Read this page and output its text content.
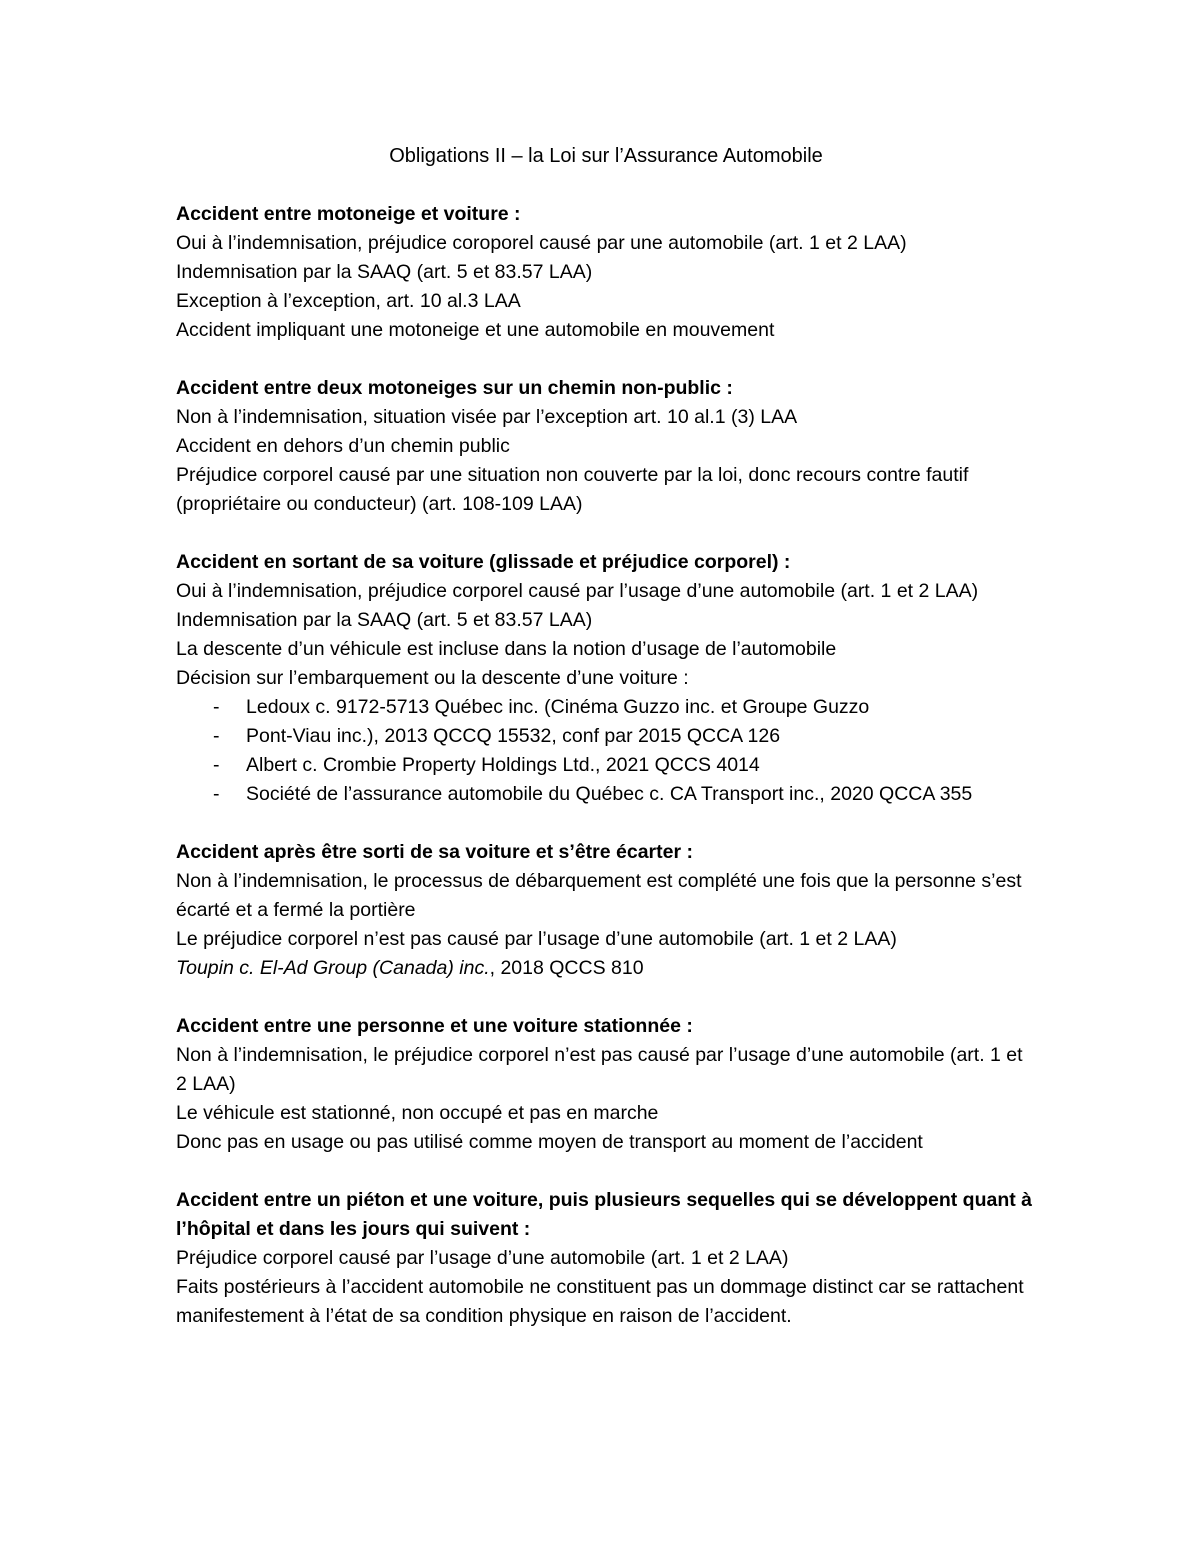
Obligations II – la Loi sur l’Assurance Automobile

Accident entre motoneige et voiture :

Oui à l’indemnisation, préjudice coroporel causé par une automobile (art. 1 et 2 LAA)

Indemnisation par la SAAQ (art. 5 et 83.57 LAA)

Exception à l’exception, art. 10 al.3 LAA

Accident impliquant une motoneige et une automobile en mouvement

Accident entre deux motoneiges sur un chemin non-public :

Non à l’indemnisation, situation visée par l’exception art. 10 al.1 (3) LAA

Accident en dehors d’un chemin public

Préjudice corporel causé par une situation non couverte par la loi, donc recours contre fautif (propriétaire ou conducteur) (art. 108-109 LAA)

Accident en sortant de sa voiture (glissade et préjudice corporel) :

Oui à l’indemnisation, préjudice corporel causé par l’usage d’une automobile (art. 1 et 2 LAA)

Indemnisation par la SAAQ (art. 5 et 83.57 LAA)

La descente d’un véhicule est incluse dans la notion d’usage de l’automobile

Décision sur l’embarquement ou la descente d’une voiture :

- Ledoux c. 9172-5713 Québec inc. (Cinéma Guzzo inc. et Groupe Guzzo
- Pont-Viau inc.), 2013 QCCQ 15532, conf par 2015 QCCA 126
- Albert c. Crombie Property Holdings Ltd., 2021 QCCS 4014
- Société de l’assurance automobile du Québec c. CA Transport inc., 2020 QCCA 355

Accident après être sorti de sa voiture et s’être écarter :

Non à l’indemnisation, le processus de débarquement est complété une fois que la personne s’est écarté et a fermé la portière

Le préjudice corporel n’est pas causé par l’usage d’une automobile (art. 1 et 2 LAA)

Toupin c. El-Ad Group (Canada) inc., 2018 QCCS 810

Accident entre une personne et une voiture stationnée :

Non à l’indemnisation, le préjudice corporel n’est pas causé par l’usage d’une automobile (art. 1 et 2 LAA)

Le véhicule est stationné, non occupé et pas en marche

Donc pas en usage ou pas utilisé comme moyen de transport au moment de l’accident

Accident entre un piéton et une voiture, puis plusieurs sequelles qui se développent quant à l’hôpital et dans les jours qui suivent :

Préjudice corporel causé par l’usage d’une automobile (art. 1 et 2 LAA)

Faits postérieurs à l’accident automobile ne constituent pas un dommage distinct car se rattachent manifestement à l’état de sa condition physique en raison de l’accident.
